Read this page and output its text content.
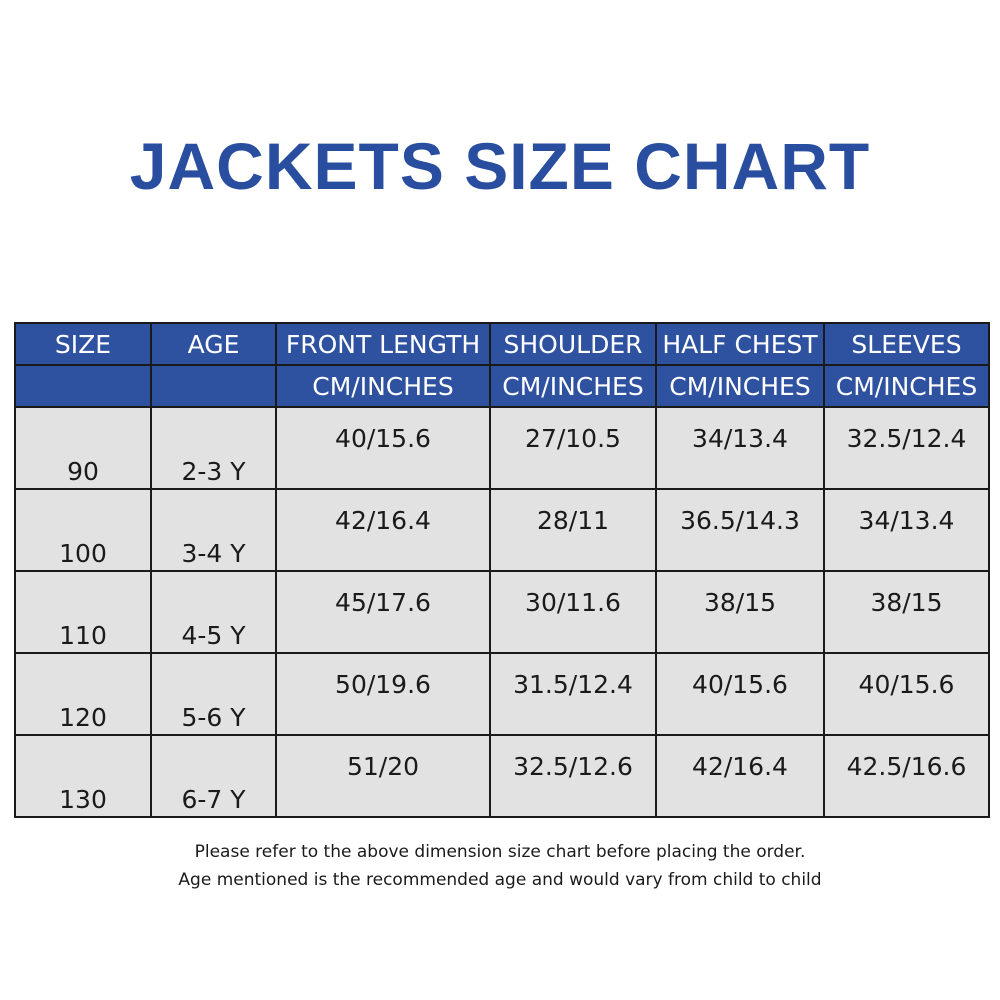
JACKETS SIZE CHART
SIZE	AGE	FRONT LENGTH	SHOULDER	HALF CHEST	SLEEVES
		CM/INCHES	CM/INCHES	CM/INCHES	CM/INCHES
90	2-3 Y	40/15.6	27/10.5	34/13.4	32.5/12.4
100	3-4 Y	42/16.4	28/11	36.5/14.3	34/13.4
110	4-5 Y	45/17.6	30/11.6	38/15	38/15
120	5-6 Y	50/19.6	31.5/12.4	40/15.6	40/15.6
130	6-7 Y	51/20	32.5/12.6	42/16.4	42.5/16.6
Please refer to the above dimension size chart before placing the order.
Age mentioned is the recommended age and would vary from child to child
